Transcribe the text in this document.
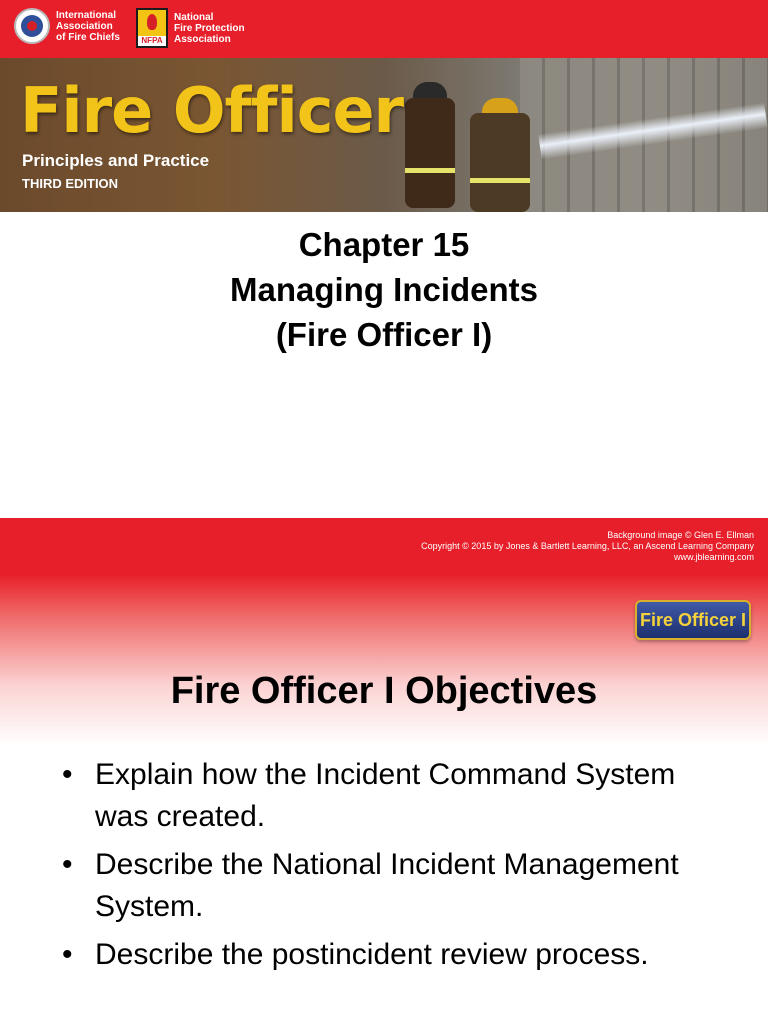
International
Association
of Fire Chiefs	NFPA
National
Fire Protection
Association
Fire Officer
Principles and Practice
THIRD EDITION
Chapter 15
Managing Incidents
(Fire Officer I)
Background image © Glen E. Ellman
Copyright © 2015 by Jones & Bartlett Learning, LLC, an Ascend Learning Company
www.jblearning.com
Fire Officer I
Fire Officer I Objectives
• Explain how the Incident Command System was created.
• Describe the National Incident Management System.
• Describe the postincident review process.
